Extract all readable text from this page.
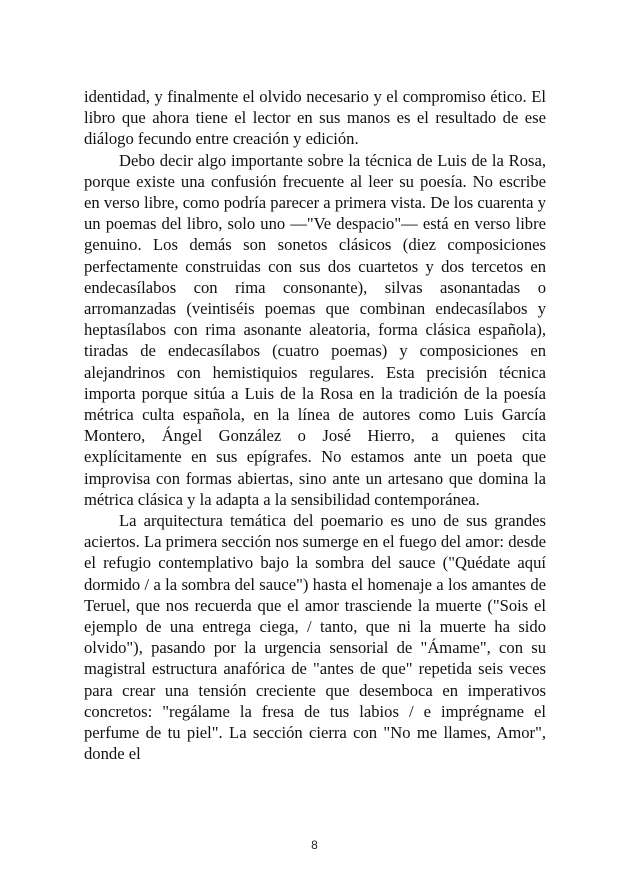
identidad, y finalmente el olvido necesario y el compromiso ético. El libro que ahora tiene el lector en sus manos es el resultado de ese diálogo fecundo entre creación y edición.

Debo decir algo importante sobre la técnica de Luis de la Rosa, porque existe una confusión frecuente al leer su poesía. No escribe en verso libre, como podría parecer a primera vista. De los cuarenta y un poemas del libro, solo uno —"Ve despacio"— está en verso libre genuino. Los demás son sonetos clásicos (diez composiciones perfectamente construidas con sus dos cuartetos y dos tercetos en endecasílabos con rima consonante), silvas asonantadas o arromanzadas (veintiséis poemas que combinan endecasílabos y heptasílabos con rima asonante aleatoria, forma clásica española), tiradas de endecasílabos (cuatro poemas) y composiciones en alejandrinos con hemistiquios regulares. Esta precisión técnica importa porque sitúa a Luis de la Rosa en la tradición de la poesía métrica culta española, en la línea de autores como Luis García Montero, Ángel González o José Hierro, a quienes cita explícitamente en sus epígrafes. No estamos ante un poeta que improvisa con formas abiertas, sino ante un artesano que domina la métrica clásica y la adapta a la sensibilidad contemporánea.

La arquitectura temática del poemario es uno de sus grandes aciertos. La primera sección nos sumerge en el fuego del amor: desde el refugio contemplativo bajo la sombra del sauce ("Quédate aquí dormido / a la sombra del sauce") hasta el homenaje a los amantes de Teruel, que nos recuerda que el amor trasciende la muerte ("Sois el ejemplo de una entrega ciega, / tanto, que ni la muerte ha sido olvido"), pasando por la urgencia sensorial de "Ámame", con su magistral estructura anafórica de "antes de que" repetida seis veces para crear una tensión creciente que desemboca en imperativos concretos: "regálame la fresa de tus labios / e imprégname el perfume de tu piel". La sección cierra con "No me llames, Amor", donde el

8
